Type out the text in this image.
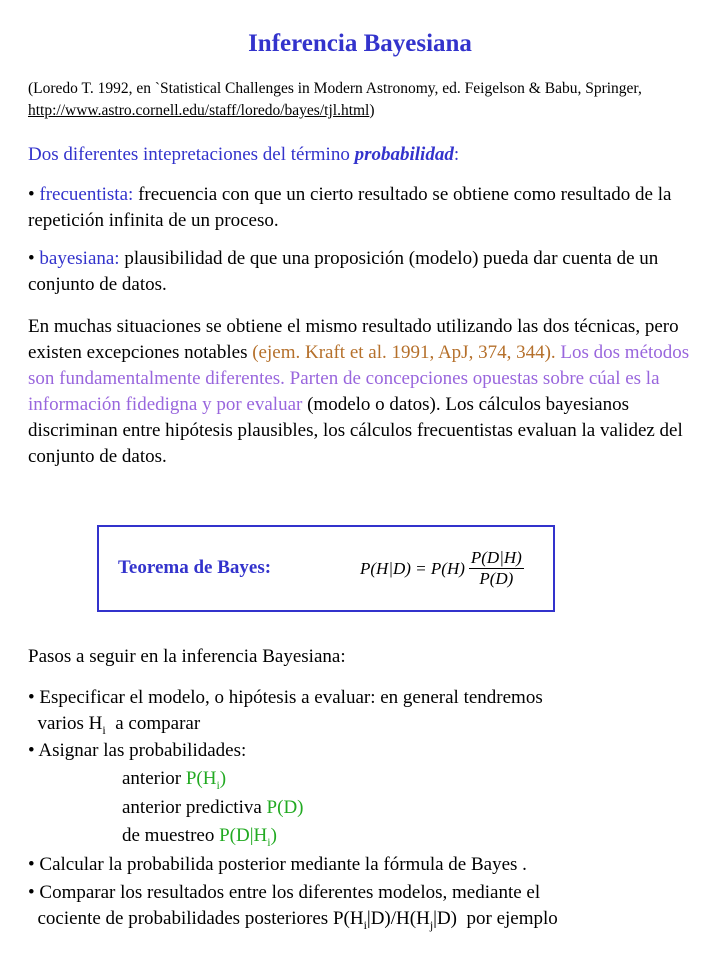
Inferencia Bayesiana
(Loredo T. 1992, en `Statistical Challenges in Modern Astronomy, ed. Feigelson & Babu, Springer, http://www.astro.cornell.edu/staff/loredo/bayes/tjl.html)
Dos diferentes intepretaciones del término probabilidad:
• frecuentista: frecuencia con que un cierto resultado se obtiene como resultado de la repetición infinita de un proceso.
• bayesiana: plausibilidad de que una proposición (modelo) pueda dar cuenta de un conjunto de datos.
En muchas situaciones se obtiene el mismo resultado utilizando las dos técnicas, pero existen excepciones notables (ejem. Kraft et al. 1991, ApJ, 374, 344). Los dos métodos son fundamentalmente diferentes. Parten de concepciones opuestas sobre cúal es la información fidedigna y por evaluar (modelo o datos). Los cálculos bayesianos discriminan entre hipótesis plausibles, los cálculos frecuentistas evaluan la validez del conjunto de datos.
Teorema de Bayes:	$P(H|D) = P(H) \frac{P(D|H)}{P(D)}$
Pasos a seguir en la inferencia Bayesiana:
• Especificar el modelo, o hipótesis a evaluar: en general tendremos
varios $H_i$  a comparar
• Asignar las probabilidades:
anterior $P(H_i)$
anterior predictiva P(D)
de muestreo $P(D|H_i)$
• Calcular la probabilida posterior mediante la fórmula de Bayes .
• Comparar los resultados entre los diferentes modelos, mediante el
cociente de probabilidades posteriores $P(H_i|D)/H(H_j|D)$  por ejemplo
